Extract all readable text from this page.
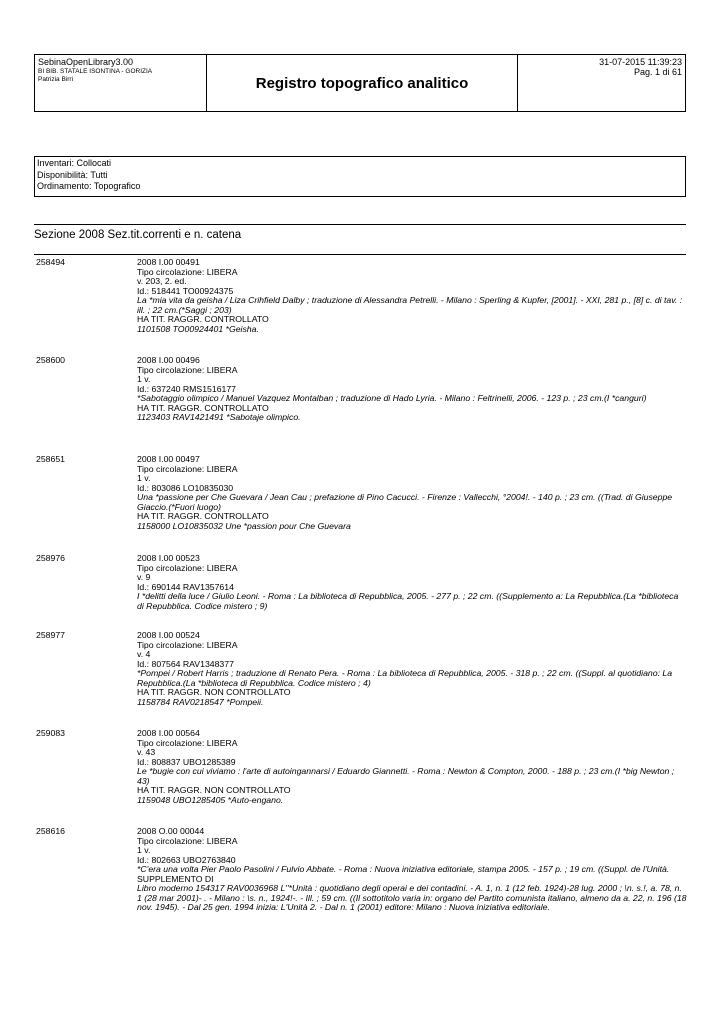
SebinaOpenLibrary3.00
BI BIB. STATALE ISONTINA - GORIZIA
Patrizia Birri	Registro topografico analitico
31-07-2015 11:39:23
Pag. 1 di 61
Inventari: Collocati
Disponibilità: Tutti
Ordinamento: Topografico
Sezione 2008 Sez.tit.correnti e n. catena
258494	2008 I.00 00491
Tipo circolazione: LIBERA
v. 203, 2. ed.
Id.: 518441 TO00924375
La *mia vita da geisha / Liza Crihfield Dalby ; traduzione di Alessandra Petrelli. - Milano : Sperling & Kupfer, [2001]. - XXI, 281 p., [8] c. di tav. : ill. ; 22 cm.(*Saggi ; 203)
HA TIT. RAGGR. CONTROLLATO
1101508 TO00924401 *Geisha.
258600	2008 I.00 00496
Tipo circolazione: LIBERA
1 v.
Id.: 637240 RMS1516177
*Sabotaggio olimpico / Manuel Vazquez Montalban ; traduzione di Hado Lyria. - Milano : Feltrinelli, 2006. - 123 p. ; 23 cm.(I *canguri)
HA TIT. RAGGR. CONTROLLATO
1123403 RAV1421491 *Sabotaje olimpico.
258651	2008 I.00 00497
Tipo circolazione: LIBERA
1 v.
Id.: 803086 LO10835030
Una *passione per Che Guevara / Jean Cau ; prefazione di Pino Cacucci. - Firenze : Vallecchi, °2004!. - 140 p. ; 23 cm. ((Trad. di Giuseppe Giaccio.(*Fuori luogo)
HA TIT. RAGGR. CONTROLLATO
1158000 LO10835032 Une *passion pour Che Guevara
258976	2008 I.00 00523
Tipo circolazione: LIBERA
v. 9
Id.: 690144 RAV1357614
I *delitti della luce / Giulio Leoni. - Roma : La biblioteca di Repubblica, 2005. - 277 p. ; 22 cm. ((Supplemento a: La Repubblica.(La *biblioteca di Repubblica. Codice mistero ; 9)
258977	2008 I.00 00524
Tipo circolazione: LIBERA
v. 4
Id.: 807564 RAV1348377
*Pompei / Robert Harris ; traduzione di Renato Pera. - Roma : La biblioteca di Repubblica, 2005. - 318 p. ; 22 cm. ((Suppl. al quotidiano: La Repubblica.(La *biblioteca di Repubblica. Codice mistero ; 4)
HA TIT. RAGGR. NON CONTROLLATO
1158784 RAV0218547 *Pompeii.
259083	2008 I.00 00564
Tipo circolazione: LIBERA
v. 43
Id.: 808837 UBO1285389
Le *bugie con cui viviamo : l'arte di autoingannarsi / Eduardo Giannetti. - Roma : Newton & Compton, 2000. - 188 p. ; 23 cm.(I *big Newton ; 43)
HA TIT. RAGGR. NON CONTROLLATO
1159048 UBO1285405 *Auto-engano.
258616	2008 O.00 00044
Tipo circolazione: LIBERA
1 v.
Id.: 802663 UBO2763840
*C'era una volta Pier Paolo Pasolini / Fulvio Abbate. - Roma : Nuova iniziativa editoriale, stampa 2005. - 157 p. ; 19 cm. ((Suppl. de l'Unità.
SUPPLEMENTO DI
Libro moderno 154317 RAV0036968 L''*Unità : quotidiano degli operai e dei contadini. - A. 1, n. 1 (12 feb. 1924)-28 lug. 2000 ; \n. s.!, a. 78, n. 1 (28 mar 2001)- . - Milano : \s. n., 1924!-. - Ill. ; 59 cm. ((Il sottotitolo varia in: organo del Partito comunista italiano, almeno da a. 22, n. 196 (18 nov. 1945). - Dal 25 gen. 1994 inizia: L'Unità 2. - Dal n. 1 (2001) editore: Milano : Nuova iniziativa editoriale.
